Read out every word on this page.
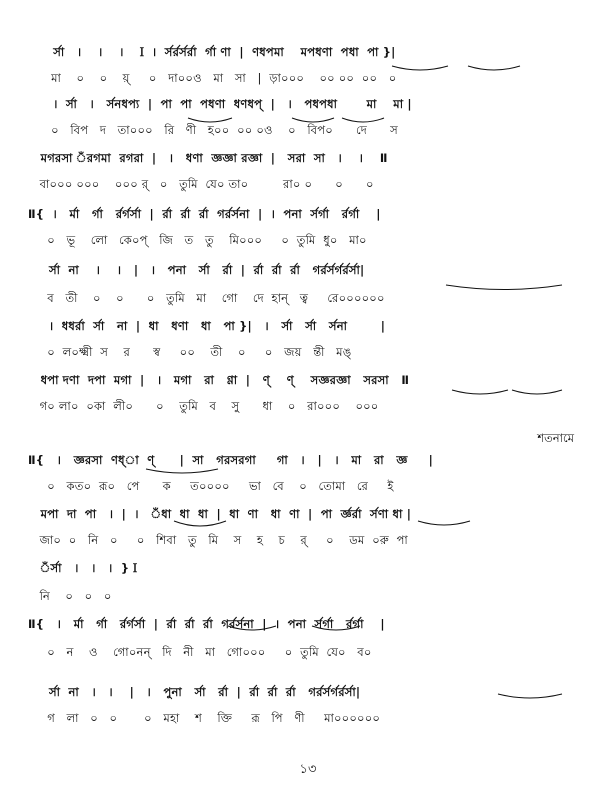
র্সা   ।    ।    ।   Ｉ ।  র্সর্রর্সর্রা  র্গা ণা  |  ণধপমা    মপধণা  পধা  পা }|
মা    ০    ০    য়্     ০   দা০০ও   মা   সা   |  ড়া০০০    ০০ ০০  ০০   ০
।  র্সা   ।   র্সনধপ্য  |  পা  পা  পধণা  ধণধপ্  |   ।   পধপধা       মা    মা |
০   বিপ   দ   তা০০০   রি   ণী   হ০০  ০০ ০ও    ০   বিপ০      দে      স
মগরসা ঁরগমা  রগরা  |   ।   ধণা  জ্ঞজ্ঞা রজ্ঞা  |   সরা  সা   ।    ।    Ⅱ
বা০০০ ০০০    ০০০ র্   ০   তুমি  যে০ তা০         রা০ ০      ০      ০
Ⅱ{  ।   র্মা   র্গা   র্রর্গর্সা  |  র্রা  র্রা  র্রা  গর্রর্সনা  |  ।  পনা  র্সর্গা   র্রর্গা    |
০   ভূ    লো   কে০প্   জি   ত   তু    মি০০০     ০  তুমি  ধু০   মা০
র্সা  না    ।    ।   |   ।   পনা   র্সা   র্রা  |  র্রা  র্রা  র্রা   গর্রর্সর্গর্রর্সা|
ব   তী    ০    ০      ০   তুমি   মা    গো    দে  হান্   ত্ব     রে০০০০০০
।  ধধর্রা  র্সা   না  |  ধা   ধণা   ধা   পা }|   ।   র্সা   র্সা   র্সনা        |
০  ল০ক্ষ্মী  স    র      স্ব     ০০    তী    ০     ০   জয়   ন্তী   মঙ্
ধপা দণা  দপা  মগা  |   ।   মগা   রা   ণ্ণা  |   ণ্    ণ্    সজ্ঞরজ্ঞা   সরসা   Ⅱ
গ০ লা০  ০কা  লী০      ০    তুমি   ব    সু      ধা    ০   রা০০০    ০০০
Ⅱ{   ।   জ্ঞরসা  ণধ্া  ণ্      |  সা   গরসরগা     গা   ।   |   ।   মা   রা   জ্ঞ     |
০   কত০  রূ০   পে      ক     ত০০০০     ভা   বে    ০   তোমা   রে     ই
মপা  দা  পা   ।  |  ।   ঁধা  ধা  ধা  |  ধা  ণা   ধা  ণা  |  পা  র্জ্ঞর্রা  র্সণা ধা |
জা০  ০   নি   ০     ০   শিবা   তু   মি    স    হ    চ    র্     ০    ডম  ০রু  পা
ঁর্সা   ।   ।   ।  }Ｉ
নি    ০   ০   ০
Ⅱ{   ।   র্মা   র্গা   র্রর্গর্সা  |  র্রা  র্রা  র্রা  গর্রর্সনা  |  ।  পনা  র্সর্গা   র্রর্গা    |
০   ন    ও    গো০নন্   দি   নী   মা   গো০০০     ০  তুমি  যে০   ব০
র্সা  না   ।   ।    |   ।   পুনা   র্সা   র্রা  |  র্রা  র্রা  র্রা   গর্রর্সর্গর্রর্সা|
গ   লা   ০   ০       ০   মহা    শ    ক্তি     রূ   পি   ণী     মা০০০০০০
শতনামে
১৩
